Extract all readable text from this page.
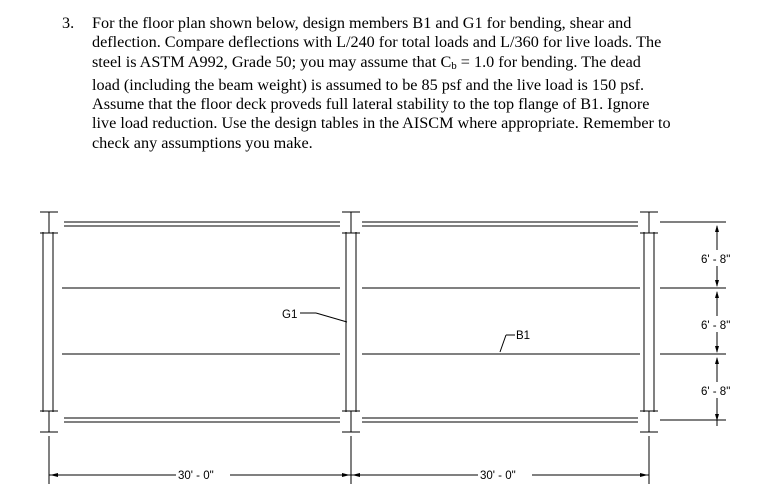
3. For the floor plan shown below, design members B1 and G1 for bending, shear and
deflection. Compare deflections with L/240 for total loads and L/360 for live loads. The
steel is ASTM A992, Grade 50; you may assume that Cb = 1.0 for bending. The dead
load (including the beam weight) is assumed to be 85 psf and the live load is 150 psf.
Assume that the floor deck proveds full lateral stability to the top flange of B1. Ignore
live load reduction. Use the design tables in the AISCM where appropriate. Remember to
check any assumptions you make.
G1
B1
6' - 8"
6' - 8"
6' - 8"
30' - 0"	30' - 0"
